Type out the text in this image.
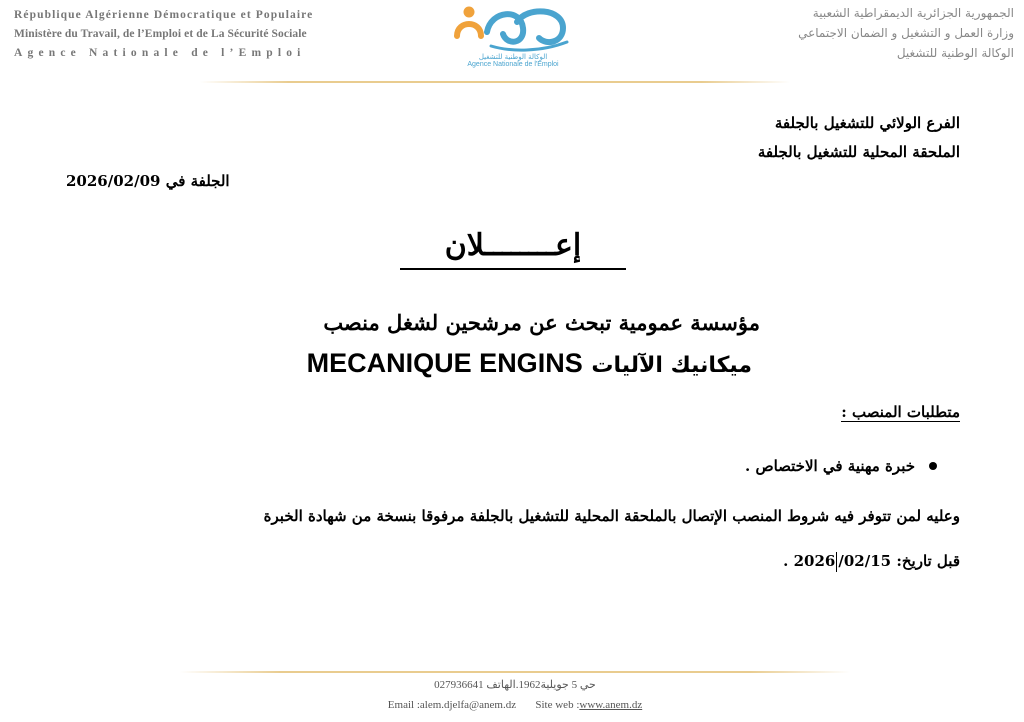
République Algérienne Démocratique et Populaire
Ministère du Travail, de l’Emploi et de La Sécurité Sociale
Agence Nationale de l’Emploi	الوكالة الوطنية للتشغيل
Agence Nationale de l'Emploi
الجمهورية الجزائرية الديمقراطية الشعبية
وزارة العمل و التشغيل و الضمان الاجتماعي
الوكالة الوطنية للتشغيل
الفرع الولائي للتشغيل بالجلفة
الملحقة المحلية للتشغيل بالجلفة
الجلفة في 2026/02/09
إعــــــــلان
مؤسسة عمومية تبحث عن مرشحين لشغل منصب
ميكانيك الآليات MECANIQUE ENGINS
متطلبات المنصب :
خبرة مهنية في الاختصاص .
وعليه لمن تتوفر فيه شروط المنصب الإتصال بالملحقة المحلية للتشغيل بالجلفة مرفوقا بنسخة من شهادة الخبرة
قبل تاريخ: 2026 /02/15 .
حي 5 جويلية1962.الهاتف 027936641
Email :alem.djelfa@anem.dz Site web :www.anem.dz
